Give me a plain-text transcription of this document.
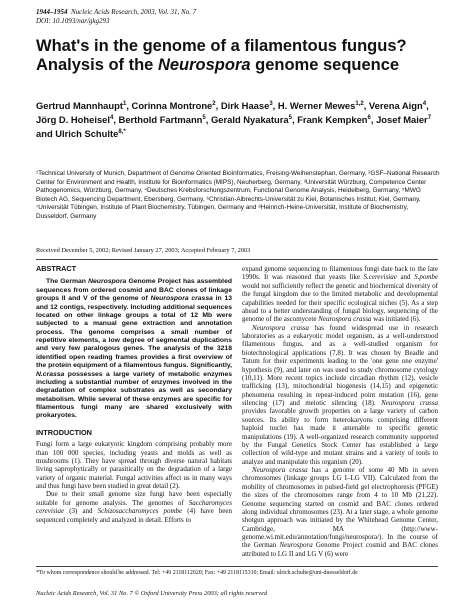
1944–1954 Nucleic Acids Research, 2003, Vol. 31, No. 7
DOI: 10.1093/nar/gkg293
What's in the genome of a filamentous fungus?
Analysis of the Neurospora genome sequence
Gertrud Mannhaupt$^1$, Corinna Montrone$^2$, Dirk Haase$^3$, H. Werner Mewes$^{1,2}$, Verena Aign$^4$,
Jörg D. Hoheisel$^4$, Berthold Fartmann$^5$, Gerald Nyakatura$^5$, Frank Kempken$^6$, Josef Maier$^7$
and Ulrich Schulte$^{8,*}$

¹Technical University of Munich, Department of Genome Oriented Bioinformatics, Freising-Weihenstephan, Germany, ²GSF–National Research Center for Environment and Health, Institute for Bioinformatics (MIPS), Neuherberg, Germany, ³Universität Würzburg, Competence Center Pathogenomics, Würzburg, Germany, ⁴Deutsches Krebsforschungszentrum, Functional Genome Analysis, Heidelberg, Germany, ⁵MWG Biotech AG, Sequencing Department, Ebersberg, Germany, ⁶Christian-Albrechts-Universität zu Kiel, Botanisches Institut, Kiel, Germany, ⁷Universität Tübingen, Institute of Plant Biochemistry, Tübingen, Germany and ⁸Heinrich-Heine-Universität, Institute of Biochemistry, Dusseldorf, Germany

Received December 5, 2002; Revised January 27, 2003; Accepted February 7, 2003
ABSTRACT

The German Neurospora Genome Project has assembled sequences from ordered cosmid and BAC clones of linkage groups II and V of the genome of Neurospora crassa in 13 and 12 contigs, respectively. Including additional sequences located on other linkage groups a total of 12 Mb were subjected to a manual gene extraction and annotation process. The genome comprises a small number of repetitive elements, a low degree of segmental duplications and very few paralogous genes. The analysis of the 3218 identified open reading frames provides a first overview of the protein equipment of a filamentous fungus. Significantly, N.crassa possesses a large variety of metabolic enzymes including a substantial number of enzymes involved in the degradation of complex substrates as well as secondary metabolism. While several of these enzymes are specific for filamentous fungi many are shared exclusively with prokaryotes.

INTRODUCTION

Fungi form a large eukaryotic kingdom comprising probably more than 100 000 species, including yeasts and molds as well as mushrooms (1). They have spread through diverse natural habitats living saprophytically or parasitically on the degradation of a large variety of organic material. Fungal activities affect us in many ways and thus fungi have been studied in great detail (2).

Due to their small genome size fungi have been especially suitable for genome analysis. The genomes of Saccharomyces cerevisiae (3) and Schizosaccharomyces pombe (4) have been sequenced completely and analyzed in detail. Efforts to

expand genome sequencing to filamentous fungi date back to the late 1990s. It was reasoned that yeasts like S.cerevisiae and S.pombe would not sufficiently reflect the genetic and biochemical diversity of the fungal kingdom due to the limited metabolic and developmental capabilities needed for their specific ecological niches (5). As a step ahead to a better understanding of fungal biology, sequencing of the genome of the ascomycete Neurospora crassa was initiated (6).

Neurospora crassa has found widespread use in research laboratories as a eukaryotic model organism, as a well-understood filamentous fungus, and as a well-studied organism for biotechnological applications (7,8). It was chosen by Beadle and Tatum for their experiments leading to the 'one gene one enzyme' hypothesis (9), and later on was used to study chromosome cytology (10,11). More recent topics include circadian rhythm (12), vesicle trafficking (13), mitochondrial biogenesis (14,15) and epigenetic phenomena resulting in repeat-induced point mutation (16), gene silencing (17) and meiotic silencing (18). Neurospora crassa provides favorable growth properties on a large variety of carbon sources. Its ability to form heterokaryons comprising different haploid nuclei has made it amenable to specific genetic manipulations (19). A well-organized research community supported by the Fungal Genetics Stock Center has established a large collection of wild-type and mutant strains and a variety of tools to analyze and manipulate this organism (20).

Neurospora crassa has a genome of some 40 Mb in seven chromosomes (linkage groups LG I–LG VII). Calculated from the mobility of chromosomes in pulsed-field gel electrophoresis (PFGE) the sizes of the chromosomes range from 4 to 10 Mb (21,22). Genome sequencing started on cosmid and BAC clones ordered along individual chromosomes (23). At a later stage, a whole genome shotgun approach was initiated by the Whitehead Genome Center, Cambridge, MA (http://www-genome.wi.mit.edu/annotation/fungi/neurospora/). In the course of the German Neurospora Genome Project cosmid and BAC clones attributed to LG II and LG V (6) were

*To whom correspondence should be addressed. Tel: +49 2118112020; Fax: +49 2118115310; Email: ulrich.schulte@uni-duesseldorf.de
Nucleic Acids Research, Vol. 31 No. 7 © Oxford University Press 2003; all rights reserved
